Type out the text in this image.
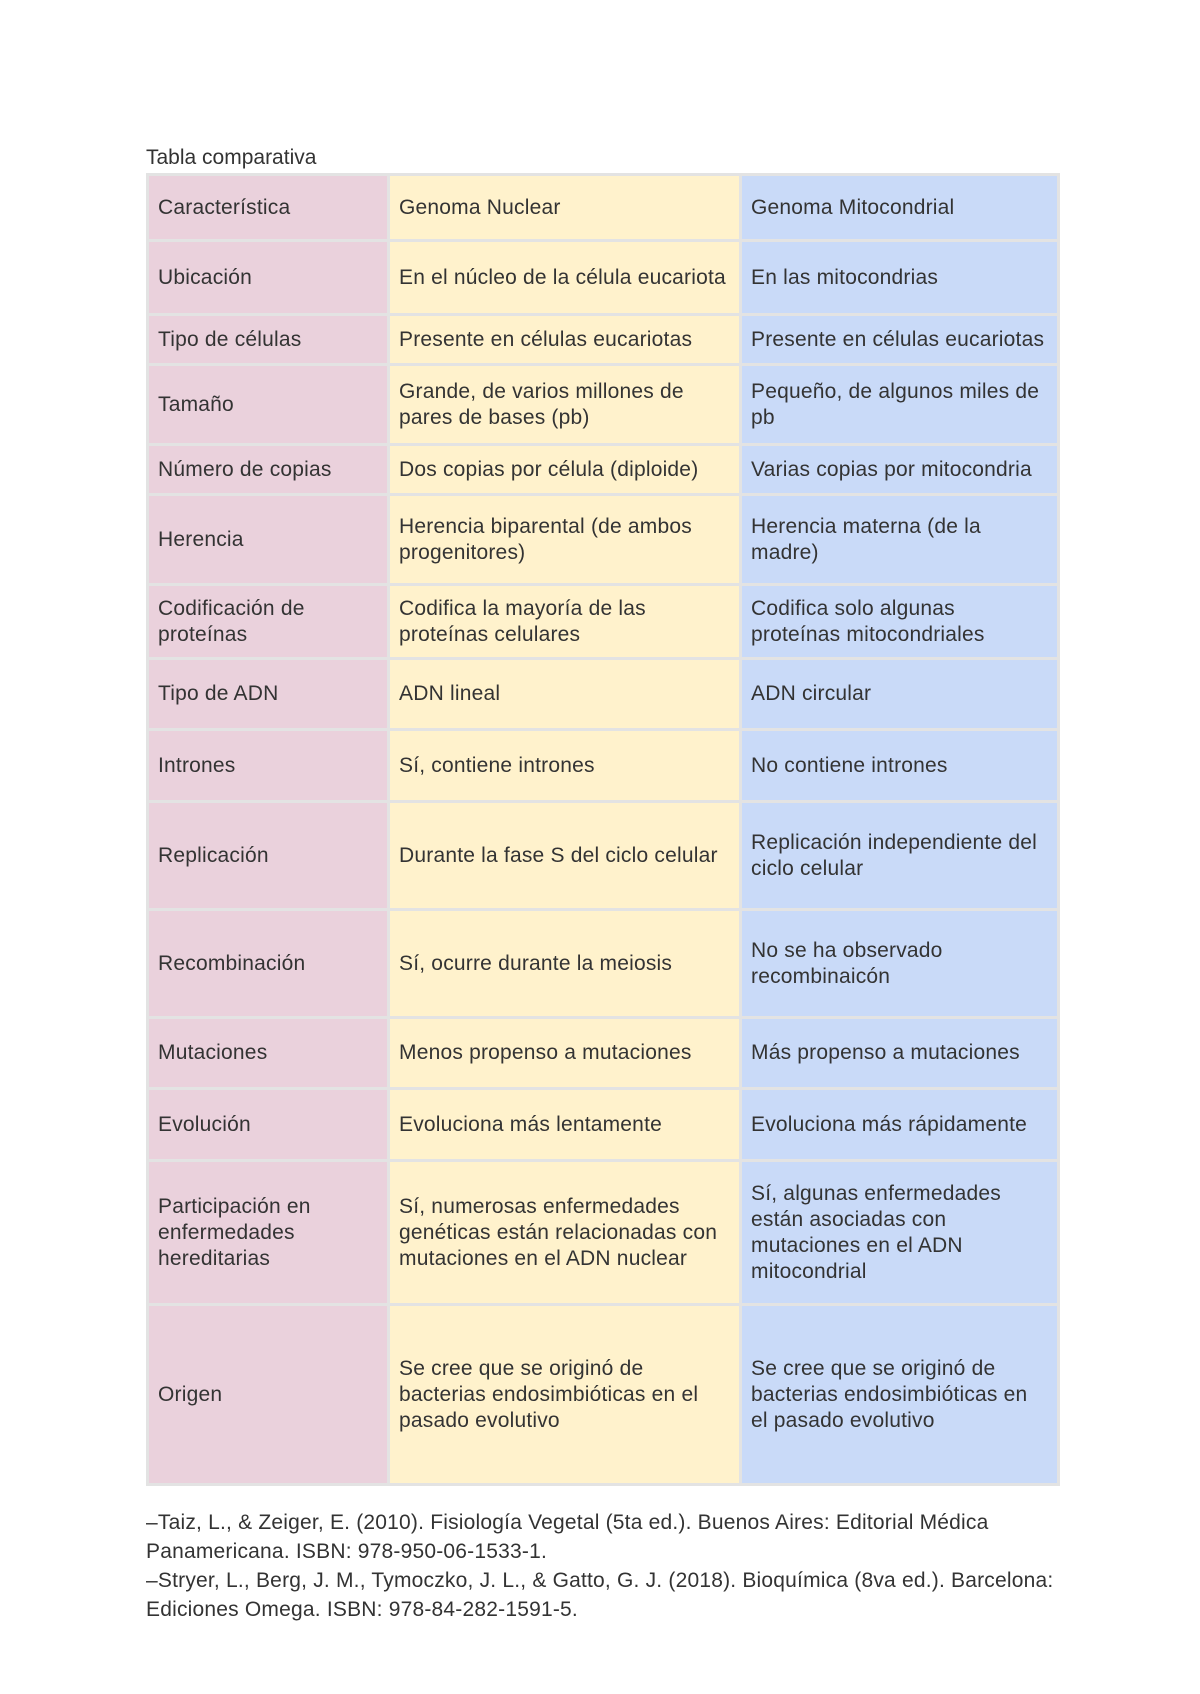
Tabla comparativa
Característica	Genoma Nuclear	Genoma Mitocondrial
Ubicación	En el núcleo de la célula eucariota	En las mitocondrias
Tipo de células	Presente en células eucariotas	Presente en células eucariotas
Tamaño	Grande, de varios millones de pares de bases (pb)	Pequeño, de algunos miles de pb
Número de copias	Dos copias por célula (diploide)	Varias copias por mitocondria
Herencia	Herencia biparental (de ambos progenitores)	Herencia materna (de la madre)
Codificación de proteínas	Codifica la mayoría de las proteínas celulares	Codifica solo algunas proteínas mitocondriales
Tipo de ADN	ADN lineal	ADN circular
Intrones	Sí, contiene intrones	No contiene intrones
Replicación	Durante la fase S del ciclo celular	Replicación independiente del ciclo celular
Recombinación	Sí, ocurre durante la meiosis	No se ha observado recombinaicón
Mutaciones	Menos propenso a mutaciones	Más propenso a mutaciones
Evolución	Evoluciona más lentamente	Evoluciona más rápidamente
Participación en enfermedades hereditarias	Sí, numerosas enfermedades genéticas están relacionadas con mutaciones en el ADN nuclear	Sí, algunas enfermedades están asociadas con mutaciones en el ADN mitocondrial
Origen	Se cree que se originó de bacterias endosimbióticas en el pasado evolutivo	Se cree que se originó de bacterias endosimbióticas en el pasado evolutivo

–Taiz, L., & Zeiger, E. (2010). Fisiología Vegetal (5ta ed.). Buenos Aires: Editorial Médica Panamericana. ISBN: 978-950-06-1533-1.

–Stryer, L., Berg, J. M., Tymoczko, J. L., & Gatto, G. J. (2018). Bioquímica (8va ed.). Barcelona: Ediciones Omega. ISBN: 978-84-282-1591-5.
